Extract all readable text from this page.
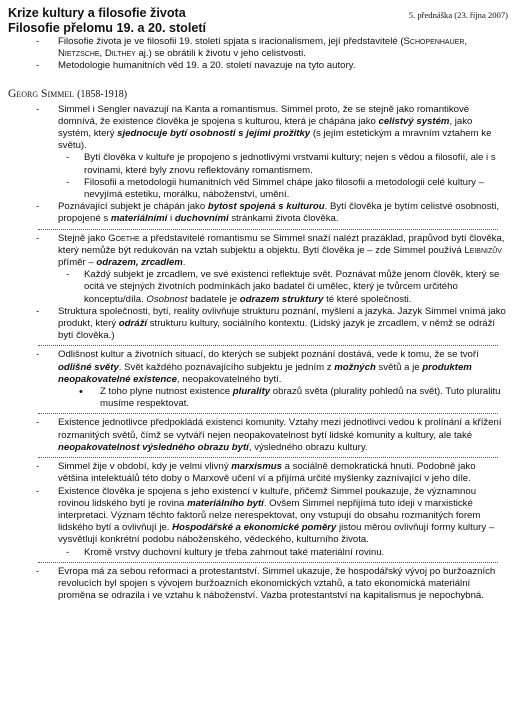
Krize kultury a filosofie života
Filosofie přelomu 19. a 20. století
5. přednáška (23. října 2007)
- Filosofie života je ve filosofii 19. století spjata s iracionalismem, její představitelé (Schopenhauer, Nietzsche, Dilthey aj.) se obrátili k životu v jeho celistvosti.
- Metodologie humanitních věd 19. a 20. století navazuje na tyto autory.
Georg Simmel (1858-1918)
- Simmel i Sengler navazují na Kanta a romantismus. Simmel proto, že se stejně jako romantikové domnívá, že existence člověka je spojena s kulturou, která je chápána jako celistvý systém, jako systém, který sjednocuje bytí osobnosti s jejími prožitky (s jejím estetickým a mravním vztahem ke světu).
- Bytí člověka v kultuře je propojeno s jednotlivými vrstvami kultury; nejen s vědou a filosofií, ale i s rovinami, které byly znovu reflektovány romantismem.
- Filosofii a metodologii humanitních věd Simmel chápe jako filosofii a metodologii celé kultury – nevyjímá estetiku, morálku, náboženství, umění.
- Poznávající subjekt je chápán jako bytost spojená s kulturou. Bytí člověka je bytím celistvé osobnosti, propojené s materiálními i duchovními stránkami života člověka.
- Stejně jako Goethe a představitelé romantismu se Simmel snaží nalézt prazáklad, prapůvod bytí člověka, který nemůže být redukován na vztah subjektu a objektu. Bytí člověka je – zde Simmel používá Leibnizův příměr – odrazem, zrcadlem.
- Každý subjekt je zrcadlem, ve své existenci reflektuje svět. Poznávat může jenom člověk, který se ocitá ve stejných životních podmínkách jako badatel či umělec, který je tvůrcem určitého konceptu/díla. Osobnost badatele je odrazem struktury té které společnosti.
- Struktura společnosti, bytí, reality ovlivňuje strukturu poznání, myšlení a jazyka. Jazyk Simmel vnímá jako produkt, který odráží strukturu kultury, sociálního kontextu. (Lidský jazyk je zrcadlem, v němž se odráží bytí člověka.)
- Odlišnost kultur a životních situací, do kterých se subjekt poznání dostává, vede k tomu, že se tvoří odlišné světy. Svět každého poznávajícího subjektu je jedním z možných světů a je produktem neopakovatelné existence, neopakovatelného bytí.
• Z toho plyne nutnost existence plurality obrazů světa (plurality pohledů na svět). Tuto pluralitu musíme respektovat.
- Existence jednotlivce předpokládá existenci komunity. Vztahy mezi jednotlivci vedou k prolínání a křížení rozmanitých světů, čímž se vytváří nejen neopakovatelnost bytí lidské komunity a kultury, ale také neopakovatelnost výsledného obrazu bytí, výsledného obrazu kultury.
- Simmel žije v období, kdy je velmi vlivný marxismus a sociálně demokratická hnutí. Podobně jako většina intelektuálů této doby o Marxově učení ví a přijímá určité myšlenky zaznívající v jeho díle.
- Existence člověka je spojena s jeho existencí v kultuře, přičemž Simmel poukazuje, že významnou rovinou lidského bytí je rovina materiálního bytí. Ovšem Simmel nepřijímá tuto ideji v marxistické interpretaci. Význam těchto faktorů nelze nerespektovat, ony vstupují do obsahu rozmanitých forem lidského bytí a ovlivňují je. Hospodářské a ekonomické poměry jistou měrou ovlivňují formy kultury – vysvětlují konkrétní podobu náboženského, vědeckého, kulturního života.
- Kromě vrstvy duchovní kultury je třeba zahrnout také materiální rovinu.
- Evropa má za sebou reformaci a protestantství. Simmel ukazuje, že hospodářský vývoj po buržoazních revolucích byl spojen s vývojem buržoazních ekonomických vztahů, a tato ekonomická materiální proměna se odrazila i ve vztahu k náboženství. Vazba protestantství na kapitalismus je nepochybná.
